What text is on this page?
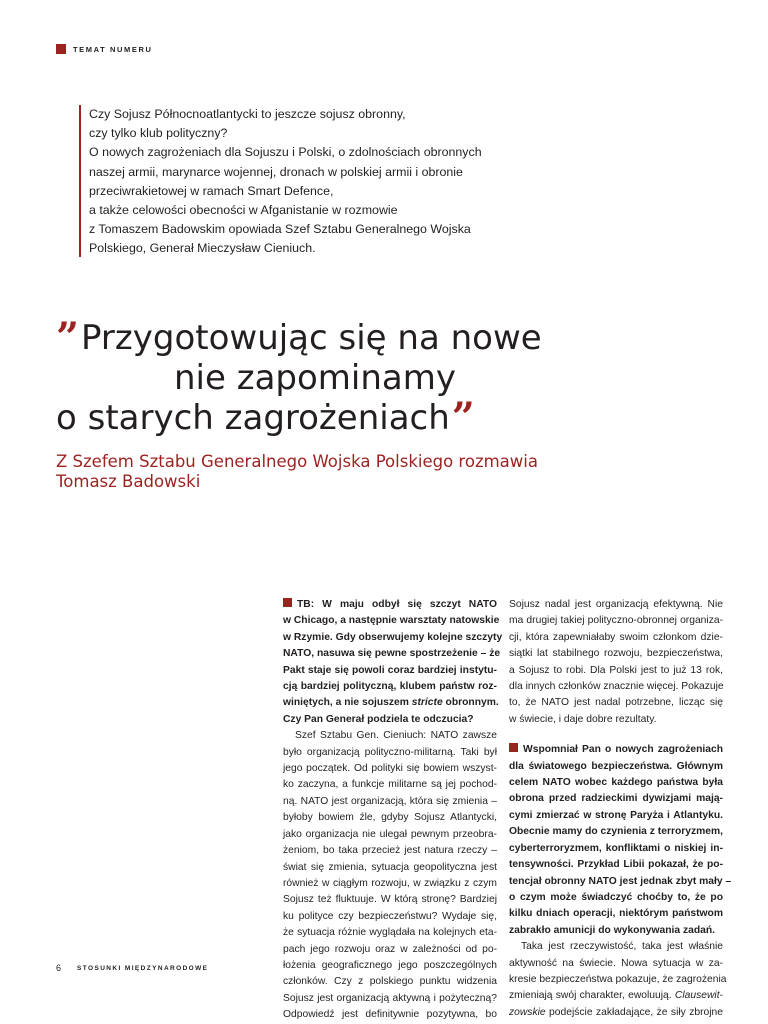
TEMAT NUMERU
Czy Sojusz Północnoatlantycki to jeszcze sojusz obronny,
czy tylko klub polityczny?
O nowych zagrożeniach dla Sojuszu i Polski, o zdolnościach obronnych
naszej armii, marynarce wojennej, dronach w polskiej armii i obronie
przeciwrakietowej w ramach Smart Defence,
a także celowości obecności w Afganistanie w rozmowie
z Tomaszem Badowskim opowiada Szef Sztabu Generalnego Wojska
Polskiego, Generał Mieczysław Cieniuch.
”Przygotowując się na nowe
nie zapominamy
o starych zagrożeniach”
Z Szefem Sztabu Generalnego Wojska Polskiego rozmawia
Tomasz Badowski
TB: W maju odbył się szczyt NATO
w Chicago, a następnie warsztaty natowskie
w Rzymie. Gdy obserwujemy kolejne szczyty
NATO, nasuwa się pewne spostrzeżenie – że
Pakt staje się powoli coraz bardziej instytu-
cją bardziej polityczną, klubem państw roz-
winiętych, a nie sojuszem stricte obronnym.
Czy Pan Generał podziela te odczucia?
Szef Sztabu Gen. Cieniuch: NATO zawsze
było organizacją polityczno-militarną. Taki był
jego początek. Od polityki się bowiem wszyst-
ko zaczyna, a funkcje militarne są jej pochod-
ną. NATO jest organizacją, która się zmienia –
byłoby bowiem źle, gdyby Sojusz Atlantycki,
jako organizacja nie ulegał pewnym przeobra-
żeniom, bo taka przecież jest natura rzeczy –
świat się zmienia, sytuacja geopolityczna jest
również w ciągłym rozwoju, w związku z czym
Sojusz też fluktuuje. W którą stronę? Bardziej
ku polityce czy bezpieczeństwu? Wydaje się,
że sytuacja różnie wyglądała na kolejnych eta-
pach jego rozwoju oraz w zależności od po-
łożenia geograficznego jego poszczególnych
członków. Czy z polskiego punktu widzenia
Sojusz jest organizacją aktywną i pożyteczną?
Odpowiedź jest definitywnie pozytywna, bo
Sojusz nadal jest organizacją efektywną. Nie
ma drugiej takiej polityczno-obronnej organiza-
cji, która zapewniałaby swoim członkom dzie-
siątki lat stabilnego rozwoju, bezpieczeństwa,
a Sojusz to robi. Dla Polski jest to już 13 rok,
dla innych członków znacznie więcej. Pokazuje
to, że NATO jest nadal potrzebne, licząc się
w świecie, i daje dobre rezultaty.
Wspomniał Pan o nowych zagrożeniach
dla światowego bezpieczeństwa. Głównym
celem NATO wobec każdego państwa była
obrona przed radzieckimi dywizjami mają-
cymi zmierzać w stronę Paryża i Atlantyku.
Obecnie mamy do czynienia z terroryzmem,
cyberterroryzmem, konfliktami o niskiej in-
tensywności. Przykład Libii pokazał, że po-
tencjał obronny NATO jest jednak zbyt mały –
o czym może świadczyć choćby to, że po
kilku dniach operacji, niektórym państwom
zabrakło amunicji do wykonywania zadań.
Taka jest rzeczywistość, taka jest właśnie
aktywność na świecie. Nowa sytuacja w za-
kresie bezpieczeństwa pokazuje, że zagrożenia
zmieniają swój charakter, ewoluują. Clausewit-
zowskie podejście zakładające, że siły zbrojne
6 STOSUNKI MIĘDZYNARODOWE
